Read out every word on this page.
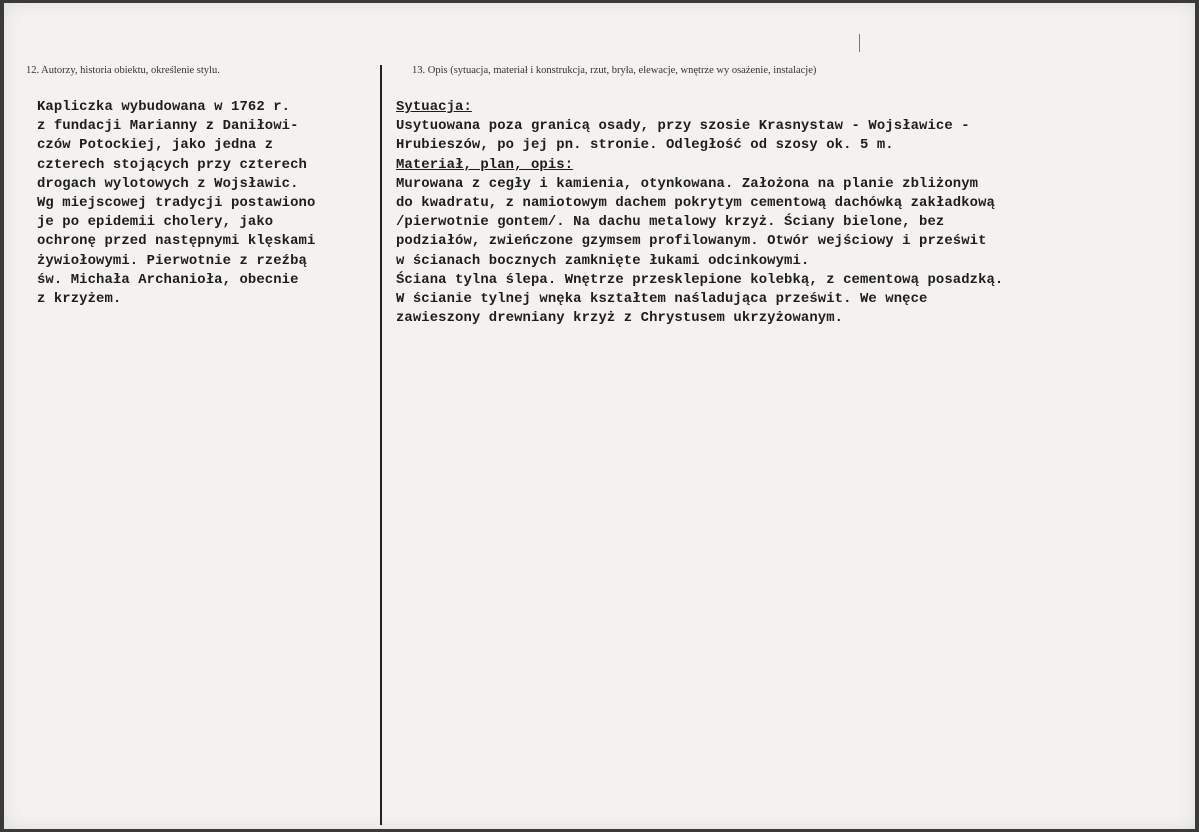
12. Autorzy, historia obiektu, określenie stylu.	13. Opis (sytuacja, materiał i konstrukcja, rzut, bryła, elewacje, wnętrze wy osażenie, instalacje)
Kapliczka wybudowana w 1762 r.
z fundacji Marianny z Daniłowi-
czów Potockiej, jako jedna z
czterech stojących przy czterech
drogach wylotowych z Wojsławic.
Wg miejscowej tradycji postawiono
je po epidemii cholery, jako
ochronę przed następnymi klęskami
żywiołowymi. Pierwotnie z rzeźbą
św. Michała Archanioła, obecnie
z krzyżem.
Sytuacja:
Usytuowana poza granicą osady, przy szosie Krasnystaw - Wojsławice -
Hrubieszów, po jej pn. stronie. Odległość od szosy ok. 5 m.
Materiał, plan, opis:
Murowana z cegły i kamienia, otynkowana. Założona na planie zbliżonym
do kwadratu, z namiotowym dachem pokrytym cementową dachówką zakładkową
/pierwotnie gontem/. Na dachu metalowy krzyż. Ściany bielone, bez
podziałów, zwieńczone gzymsem profilowanym. Otwór wejściowy i prześwit
w ścianach bocznych zamknięte łukami odcinkowymi.
Ściana tylna ślepa. Wnętrze przesklepione kolebką, z cementową posadzką.
W ścianie tylnej wnęka kształtem naśladująca prześwit. We wnęce
zawieszony drewniany krzyż z Chrystusem ukrzyżowanym.
